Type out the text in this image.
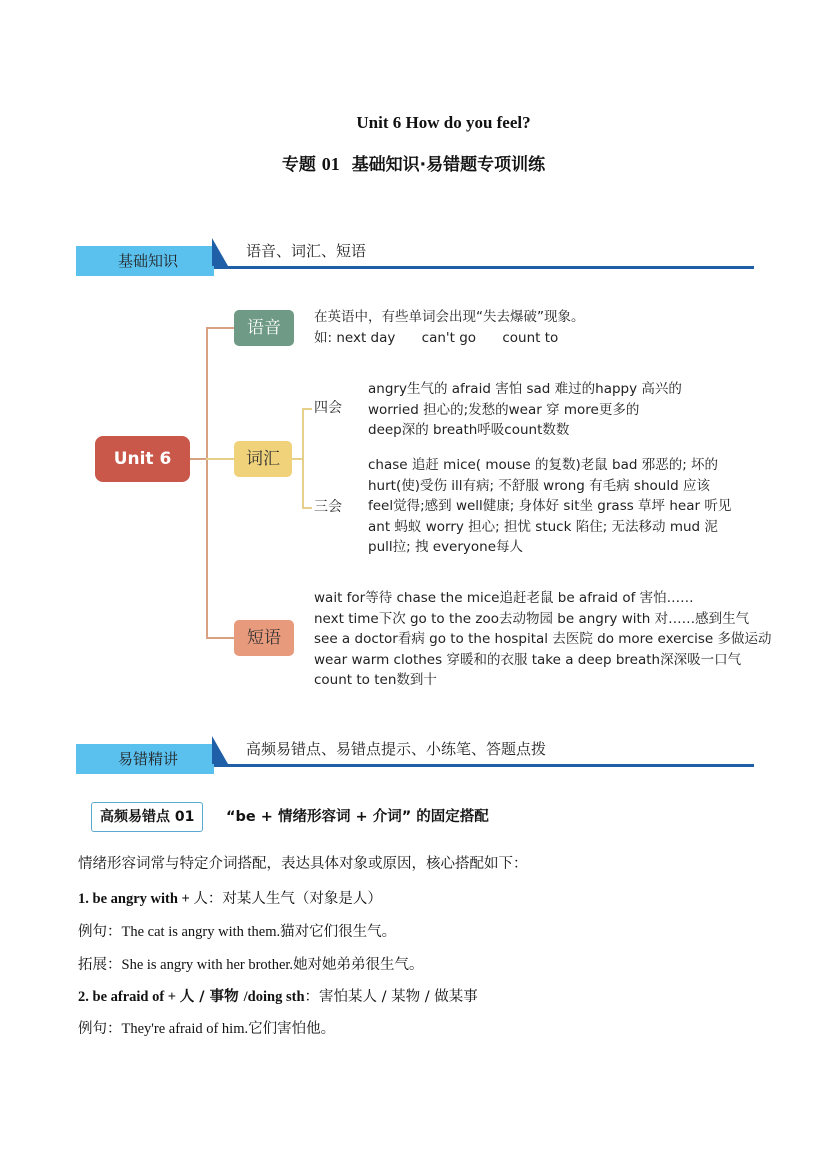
Unit 6 How do you feel?
专题 01 基础知识·易错题专项训练
基础知识
语音、词汇、短语
Unit 6
语音
词汇
短语
在英语中，有些单词会出现“失去爆破”现象。
如: next day can't go count to
四会
angry生气的 afraid 害怕 sad 难过的happy 高兴的
worried 担心的;发愁的wear 穿 more更多的
deep深的 breath呼吸count数数
三会
chase 追赶 mice( mouse 的复数)老鼠 bad 邪恶的; 坏的
hurt(使)受伤 ill有病; 不舒服 wrong 有毛病 should 应该
feel觉得;感到 well健康; 身体好 sit坐 grass 草坪 hear 听见
ant 蚂蚁 worry 担心; 担忧 stuck 陷住; 无法移动 mud 泥
pull拉; 拽 everyone每人
wait for等待 chase the mice追赶老鼠 be afraid of 害怕……
next time下次 go to the zoo去动物园 be angry with 对……感到生气
see a doctor看病 go to the hospital 去医院 do more exercise 多做运动
wear warm clothes 穿暖和的衣服 take a deep breath深深吸一口气
count to ten数到十
易错精讲
高频易错点、易错点提示、小练笔、答题点拨
高频易错点 01	“be + 情绪形容词 + 介词” 的固定搭配
情绪形容词常与特定介词搭配，表达具体对象或原因，核心搭配如下：
1. be angry with + 人：对某人生气（对象是人）
例句：The cat is angry with them.猫对它们很生气。
拓展：She is angry with her brother.她对她弟弟很生气。
2. be afraid of + 人 / 事物 /doing sth：害怕某人 / 某物 / 做某事
例句：They're afraid of him.它们害怕他。
